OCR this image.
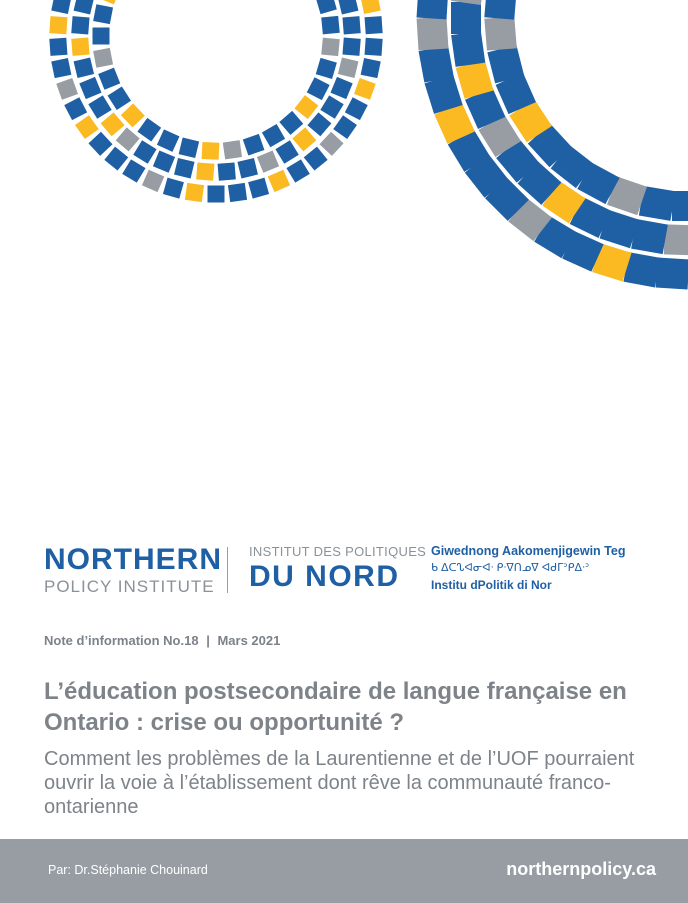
NORTHERN
POLICY INSTITUTE
INSTITUT DES POLITIQUES
DU NORD
Giwednong Aakomenjigewin Teg
ᑲ ᐃᑕᔐᐊᓂᐊᐧ ᑭᐧᐁᑎᓄᐁ ᐊᑯᒥᐣᑭᐃᐧᐣ
Institu dPolitik di Nor
Note d’information No.18 | Mars 2021
L’éducation postsecondaire de langue française en Ontario : crise ou opportunité ?
Comment les problèmes de la Laurentienne et de l’UOF pourraient ouvrir la voie à l’établissement dont rêve la communauté franco-ontarienne
Par: Dr.Stéphanie Chouinard	northernpolicy.ca
